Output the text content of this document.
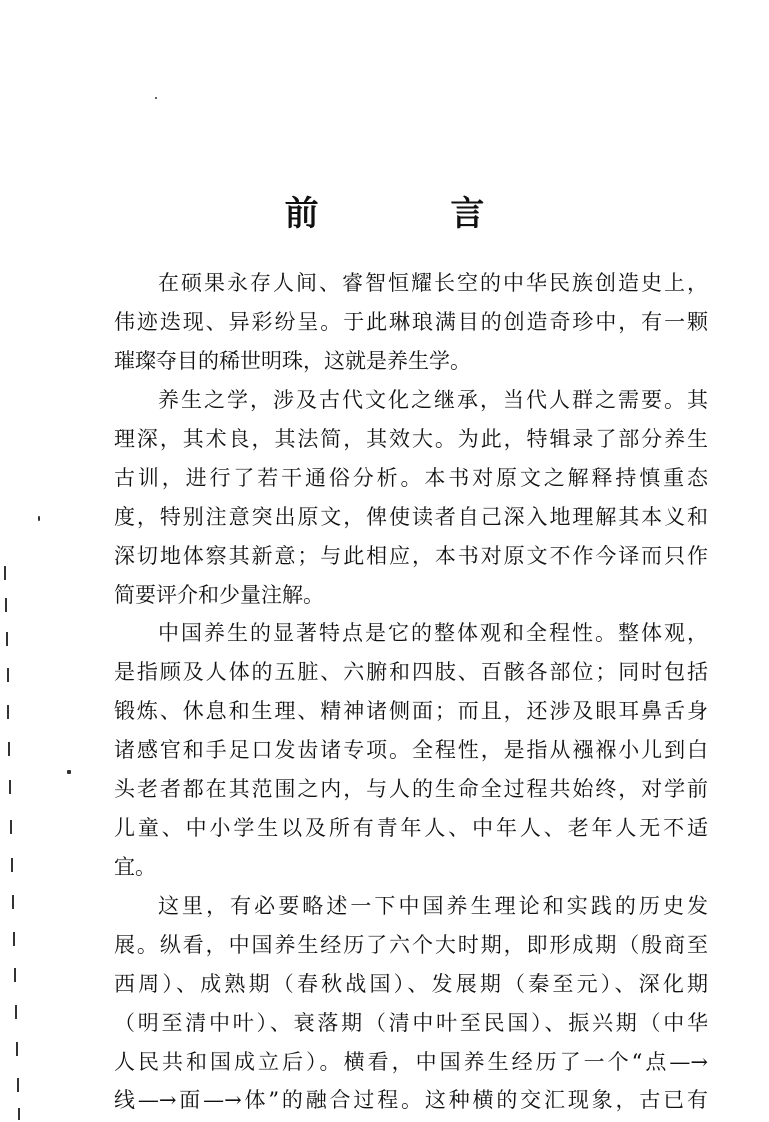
前 言
在硕果永存人间、睿智恒耀长空的中华民族创造史上，
伟迹迭现、异彩纷呈。于此琳琅满目的创造奇珍中，有一颗
璀璨夺目的稀世明珠，这就是养生学。
养生之学，涉及古代文化之继承，当代人群之需要。其
理深，其术良，其法简，其效大。为此，特辑录了部分养生
古训，进行了若干通俗分析。本书对原文之解释持慎重态
度，特别注意突出原文，俾使读者自己深入地理解其本义和
深切地体察其新意；与此相应，本书对原文不作今译而只作
简要评介和少量注解。
中国养生的显著特点是它的整体观和全程性。整体观，
是指顾及人体的五脏、六腑和四肢、百骸各部位；同时包括
锻炼、休息和生理、精神诸侧面；而且，还涉及眼耳鼻舌身
诸感官和手足口发齿诸专项。全程性，是指从襁褓小儿到白
头老者都在其范围之内，与人的生命全过程共始终，对学前
儿童、中小学生以及所有青年人、中年人、老年人无不适
宜。
这里，有必要略述一下中国养生理论和实践的历史发
展。纵看，中国养生经历了六个大时期，即形成期（殷商至
西周）、成熟期（春秋战国）、发展期（秦至元）、深化期
（明至清中叶）、衰落期（清中叶至民国）、振兴期（中华
人民共和国成立后）。横看，中国养生经历了一个“点—→
线—→面—→体”的融合过程。这种横的交汇现象，古已有
